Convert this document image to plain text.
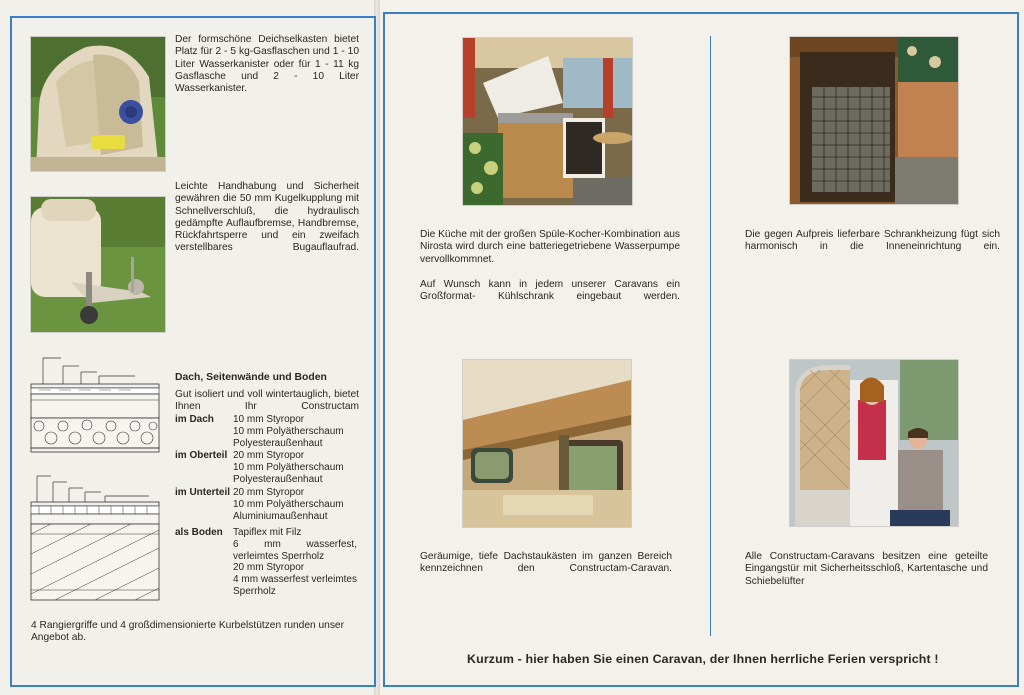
Der formschöne Deichselkasten bietet Platz für 2 - 5 kg-Gasflaschen und 1 - 10 Liter Wasserkanister oder für 1 - 11 kg Gasflasche und 2 - 10 Liter Wasserkanister.
Leichte Handhabung und Sicherheit gewähren die 50 mm Kugelkupplung mit Schnellverschluß, die hydraulisch gedämpfte Auflaufbremse, Handbremse, Rückfahrtsperre und ein zweifach verstellbares Bugauflaufrad.
Dach, Seitenwände und Boden
Gut isoliert und voll wintertauglich, bietet Ihnen Ihr Constructam
im Dach 10 mm Styropor
10 mm Polyätherschaum
Polyesteraußenhaut
im Oberteil 20 mm Styropor
10 mm Polyätherschaum
Polyesteraußenhaut
im Unterteil 20 mm Styropor
10 mm Polyätherschaum
Aluminiumaußenhaut
als Boden Tapiflex mit Filz
6 mm wasserfest, verleimtes Sperrholz
20 mm Styropor
4 mm wasserfest verleimtes Sperrholz
4 Rangiergriffe und 4 großdimensionierte Kurbelstützen runden unser Angebot ab.
Die Küche mit der großen Spüle-Kocher-Kombination aus Nirosta wird durch eine batteriegetriebene Wasserpumpe vervollkommnet.
Auf Wunsch kann in jedem unserer Caravans ein Großformat- Kühlschrank eingebaut werden.
Die gegen Aufpreis lieferbare Schrankheizung fügt sich harmonisch in die Inneneinrichtung ein.
Geräumige, tiefe Dachstaukästen im ganzen Bereich kennzeichnen den Constructam-Caravan.
Alle Constructam-Caravans besitzen eine geteilte Eingangstür mit Sicherheitsschloß, Kartentasche und Schiebelüfter
Kurzum - hier haben Sie einen Caravan, der Ihnen herrliche Ferien verspricht !
